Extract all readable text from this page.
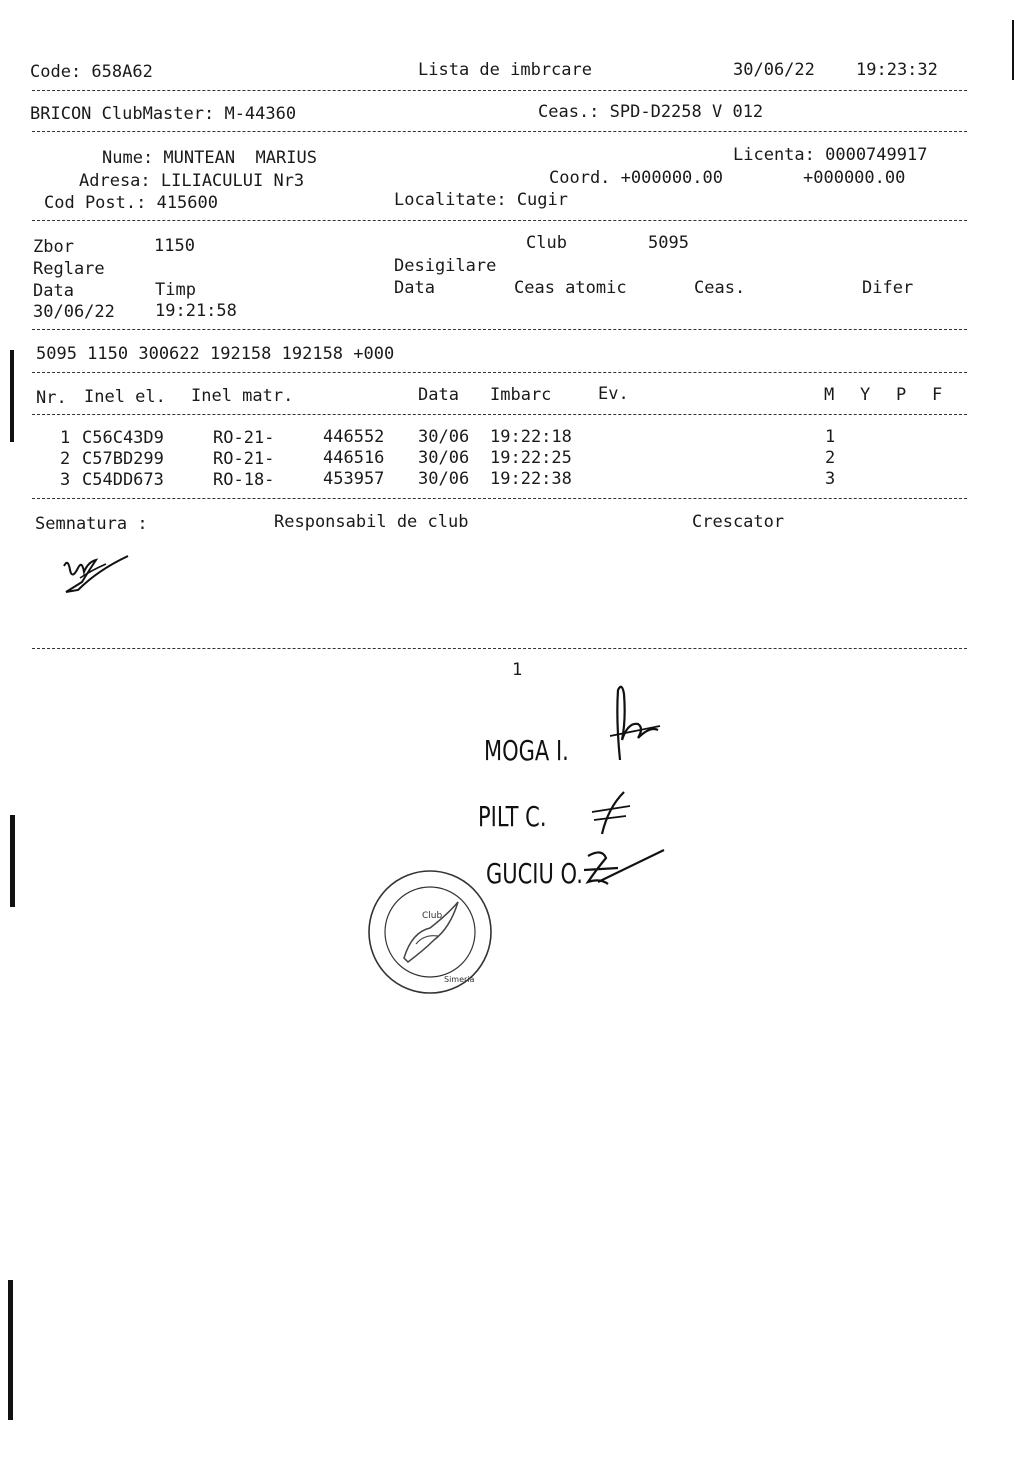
Code: 658A62	Lista de imbrcare	30/06/22 19:23:32
BRICON ClubMaster: M-44360	Ceas.: SPD-D2258 V 012
Nume: MUNTEAN  MARIUS	Licenta: 0000749917
Adresa: LILIACULUI Nr3	Coord. +000000.00	+000000.00
Cod Post.: 415600	Localitate: Cugir
Zbor	1150	Club	5095
Reglare	Desigilare
Data	Timp	Data	Ceas atomic	Ceas.	Difer
30/06/22 19:21:58
5095 1150 300622 192158 192158 +000
Nr. Inel el. Inel matr.	Data Imbarc	Ev.	M Y P F
1 C56C43D9	RO-21-	446552 30/06 19:22:18	1
2 C57BD299	RO-21-	446516 30/06 19:22:25	2
3 C54DD673	RO-18-	453957 30/06 19:22:38	3
Semnatura :	Responsabil de club	Crescator
1
MOGA I.
PILT C.
GUCIU O.
Club
Simeria
